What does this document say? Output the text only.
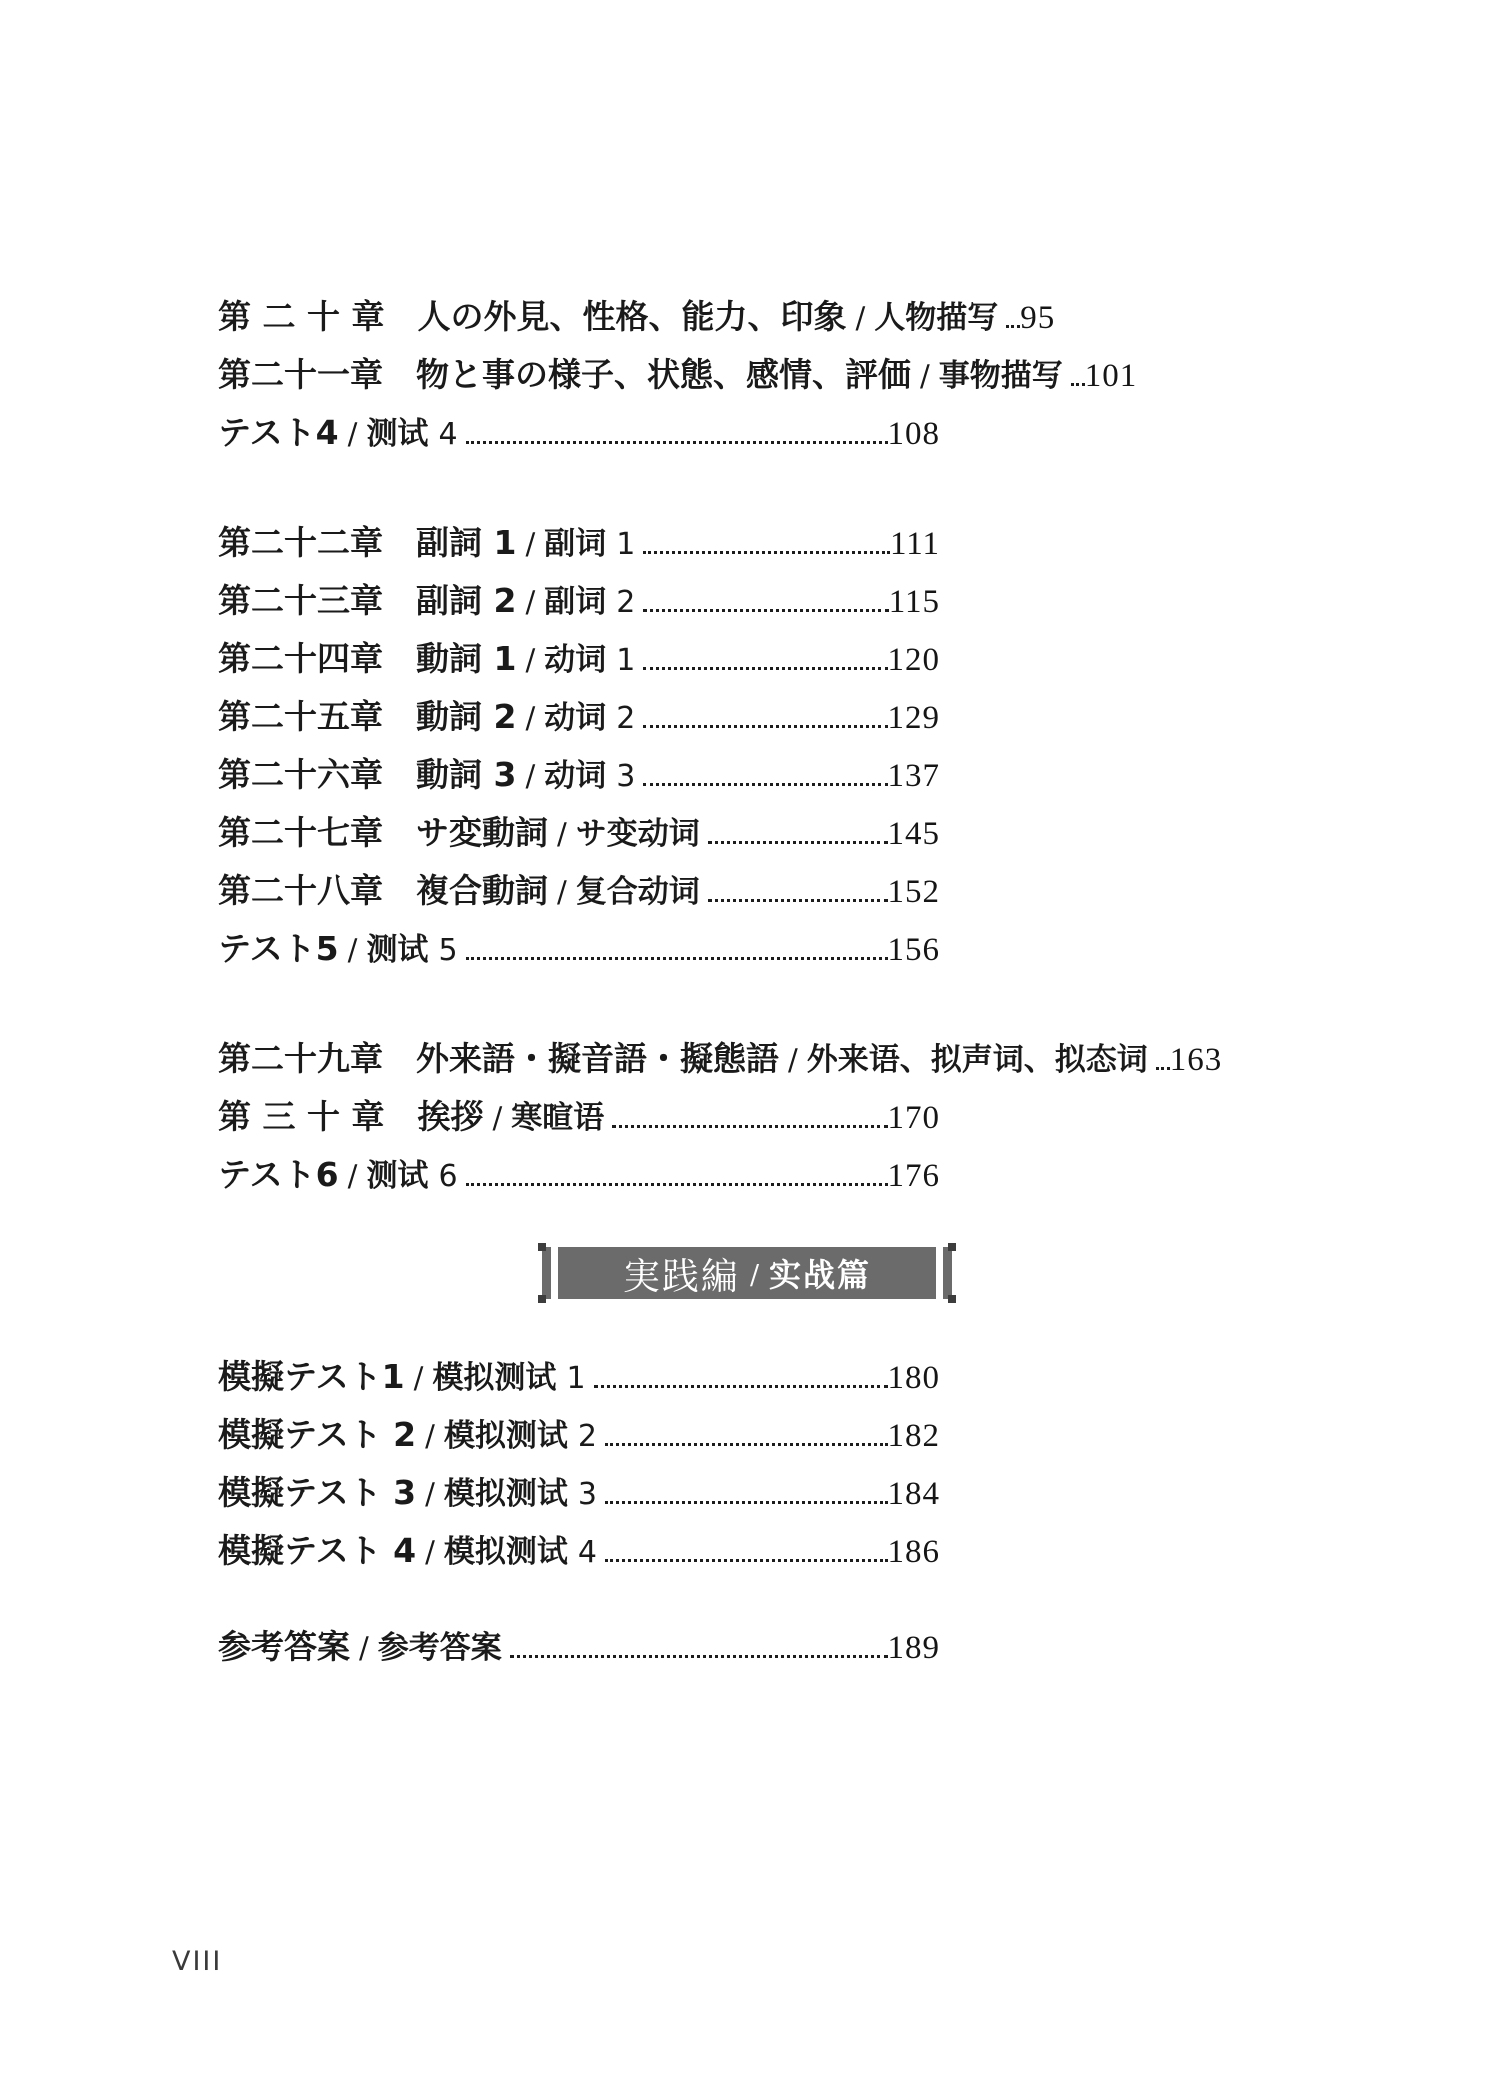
第 二 十 章　人の外見、性格、能力、印象 / 人物描写 95
第二十一章　物と事の様子、状態、感情、評価 / 事物描写 101
テスト4 / 测试 4	108
第二十二章　副詞 1 / 副词 1	111
第二十三章　副詞 2 / 副词 2	115
第二十四章　動詞 1 / 动词 1	120
第二十五章　動詞 2 / 动词 2	129
第二十六章　動詞 3 / 动词 3	137
第二十七章　サ変動詞 / サ变动词	145
第二十八章　複合動詞 / 复合动词	152
テスト5 / 测试 5	156
第二十九章　外来語・擬音語・擬態語 / 外来语、拟声词、拟态词 163
第 三 十 章　挨拶 / 寒暄语	170
テスト6 / 测试 6	176
実践編 / 实战篇
模擬テスト1 / 模拟测试 1	180
模擬テスト 2 / 模拟测试 2	182
模擬テスト 3 / 模拟测试 3	184
模擬テスト 4 / 模拟测试 4	186
参考答案 / 参考答案	189
VIII
